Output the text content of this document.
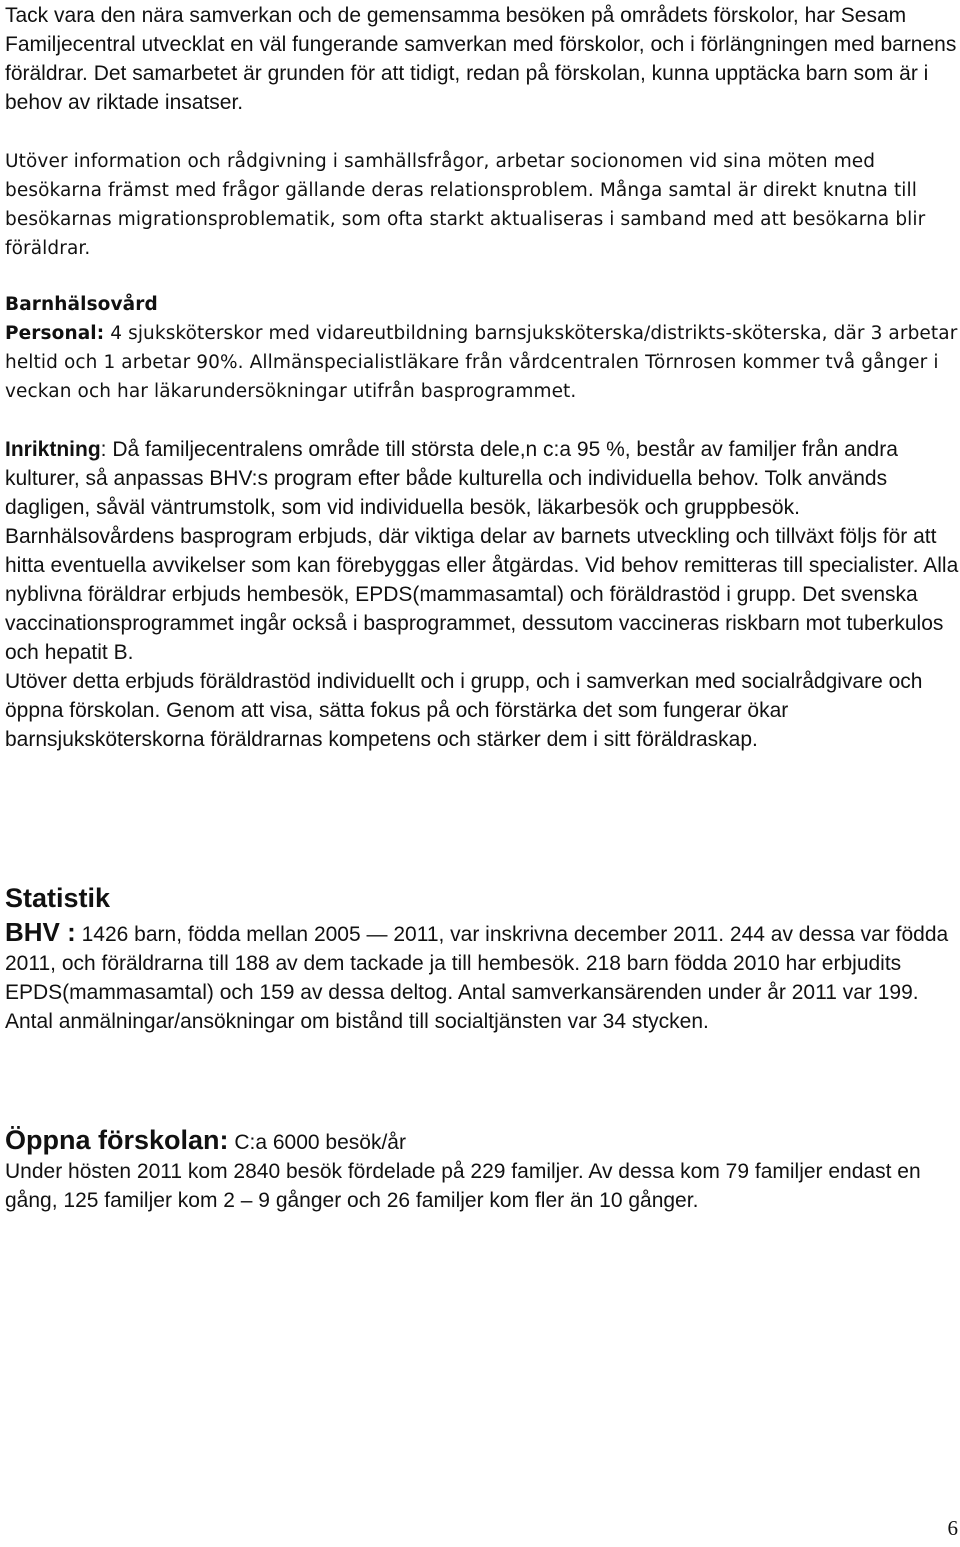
Tack vara den nära samverkan och de gemensamma besöken på områdets förskolor, har Sesam Familjecentral utvecklat en väl fungerande samverkan med förskolor, och i förlängningen med barnens föräldrar. Det samarbetet är grunden för att tidigt, redan på förskolan, kunna upptäcka barn som är i behov av riktade insatser.

Utöver information och rådgivning i samhällsfrågor, arbetar socionomen vid sina möten med besökarna främst med frågor gällande deras relationsproblem. Många samtal är direkt knutna till besökarnas migrationsproblematik, som ofta starkt aktualiseras i samband med att besökarna blir föräldrar.

Barnhälsovård
Personal: 4 sjuksköterskor med vidareutbildning barnsjuksköterska/distrikts-sköterska, där 3 arbetar heltid och 1 arbetar 90%. Allmänspecialistläkare från vårdcentralen Törnrosen kommer två gånger i veckan och har läkarundersökningar utifrån basprogrammet.
Inriktning: Då familjecentralens område till största dele,n c:a 95 %, består av familjer från andra kulturer, så anpassas BHV:s program efter både kulturella och individuella behov. Tolk används dagligen, såväl väntrumstolk, som vid individuella besök, läkarbesök och gruppbesök. Barnhälsovårdens basprogram erbjuds, där viktiga delar av barnets utveckling och tillväxt följs för att hitta eventuella avvikelser som kan förebyggas eller åtgärdas. Vid behov remitteras till specialister. Alla nyblivna föräldrar erbjuds hembesök, EPDS(mammasamtal) och föräldrastöd i grupp. Det svenska vaccinationsprogrammet ingår också i basprogrammet, dessutom vaccineras riskbarn mot tuberkulos och hepatit B.
Utöver detta erbjuds föräldrastöd individuellt och i grupp, och i samverkan med socialrådgivare och öppna förskolan. Genom att visa, sätta fokus på och förstärka det som fungerar ökar barnsjuksköterskorna föräldrarnas kompetens och stärker dem i sitt föräldraskap.
Statistik
BHV : 1426 barn, födda mellan 2005 — 2011, var inskrivna december 2011. 244 av dessa var födda 2011, och föräldrarna till 188 av dem tackade ja till hembesök. 218 barn födda 2010 har erbjudits EPDS(mammasamtal) och 159 av dessa deltog. Antal samverkansärenden under år 2011 var 199. Antal anmälningar/ansökningar om bistånd till socialtjänsten var 34 stycken.
Öppna förskolan: C:a 6000 besök/år
Under hösten 2011 kom 2840 besök fördelade på 229 familjer. Av dessa kom 79 familjer endast en gång, 125 familjer kom 2 – 9 gånger och 26 familjer kom fler än 10 gånger.

6
